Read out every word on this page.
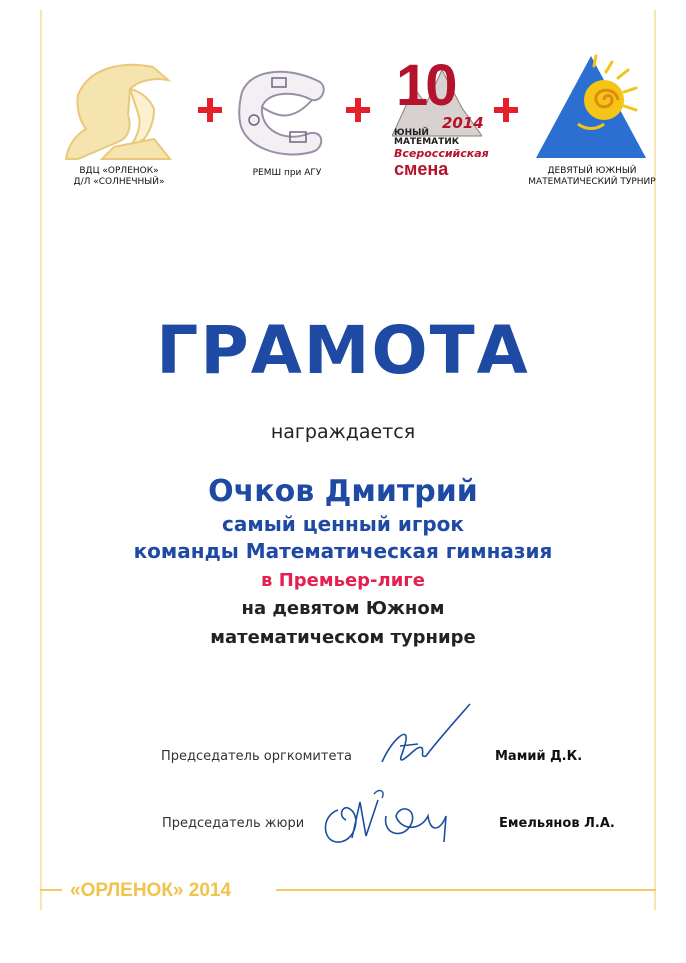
ВДЦ «ОРЛЕНОК»
Д/Л «СОЛНЕЧНЫЙ»
РЕМШ при АГУ
10
2014
ЮНЫЙ
МАТЕМАТИК
Всероссийская
смена	ДЕВЯТЫЙ ЮЖНЫЙ
МАТЕМАТИЧЕСКИЙ ТУРНИР
ГРАМОТА
награждается
Очков Дмитрий
самый ценный игрок
команды Математическая гимназия
в Премьер-лиге
на девятом Южном
математическом турнире
Председатель оргкомитета	Мамий Д.К.
Председатель жюри	Емельянов Л.А.
«ОРЛЕНОК» 2014
